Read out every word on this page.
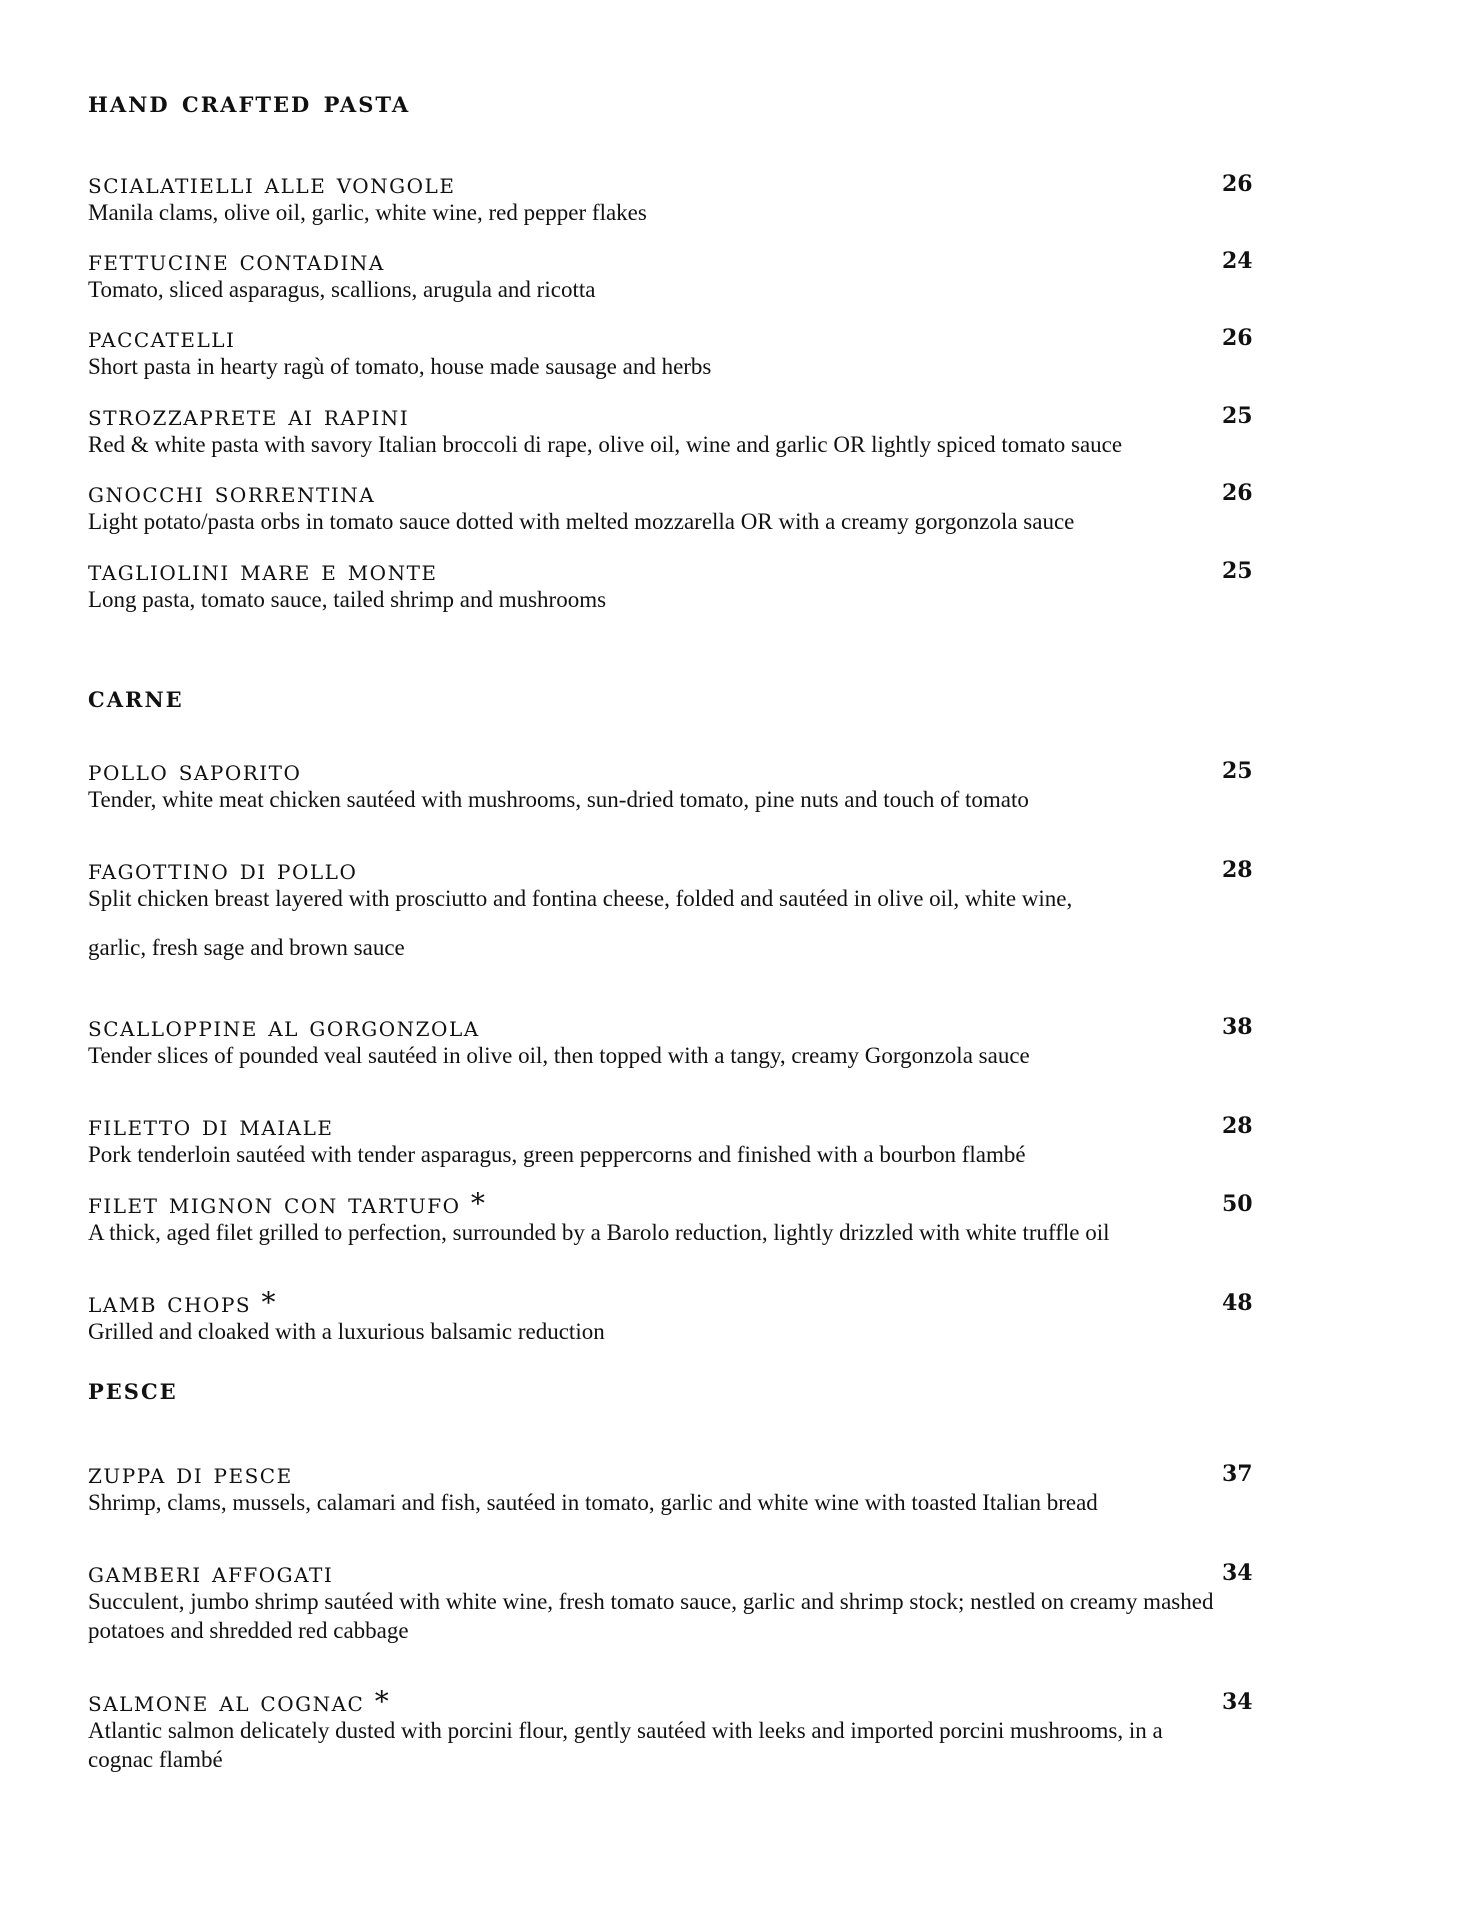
hand crafted pasta
scialatielli alle vongole	26
Manila clams, olive oil, garlic, white wine, red pepper flakes
fettucine contadina	24
Tomato, sliced asparagus, scallions, arugula and ricotta
paccatelli	26
Short pasta in hearty ragù of tomato, house made sausage and herbs
strozzaprete ai rapini	25
Red & white pasta with savory Italian broccoli di rape, olive oil, wine and garlic OR lightly spiced tomato sauce
gnocchi sorrentina	26
Light potato/pasta orbs in tomato sauce dotted with melted mozzarella OR with a creamy gorgonzola sauce
tagliolini mare e monte	25
Long pasta, tomato sauce, tailed shrimp and mushrooms
carne
pollo saporito	25
Tender, white meat chicken sautéed with mushrooms, sun-dried tomato, pine nuts and touch of tomato
fagottino di pollo	28
Split chicken breast layered with prosciutto and fontina cheese, folded and sautéed in olive oil, white wine,
garlic, fresh sage and brown sauce
scalloppine al gorgonzola	38
Tender slices of pounded veal sautéed in olive oil, then topped with a tangy, creamy Gorgonzola sauce
filetto di maiale	28
Pork tenderloin sautéed with tender asparagus, green peppercorns and finished with a bourbon flambé
filet mignon con tartufo *	50
A thick, aged filet grilled to perfection, surrounded by a Barolo reduction, lightly drizzled with white truffle oil
lamb chops *	48
Grilled and cloaked with a luxurious balsamic reduction
pesce
zuppa di pesce	37
Shrimp, clams, mussels, calamari and fish, sautéed in tomato, garlic and white wine with toasted Italian bread
gamberi affogati	34
Succulent, jumbo shrimp sautéed with white wine, fresh tomato sauce, garlic and shrimp stock; nestled on creamy mashed
potatoes and shredded red cabbage
salmone al cognac *	34
Atlantic salmon delicately dusted with porcini flour, gently sautéed with leeks and imported porcini mushrooms, in a
cognac flambé
